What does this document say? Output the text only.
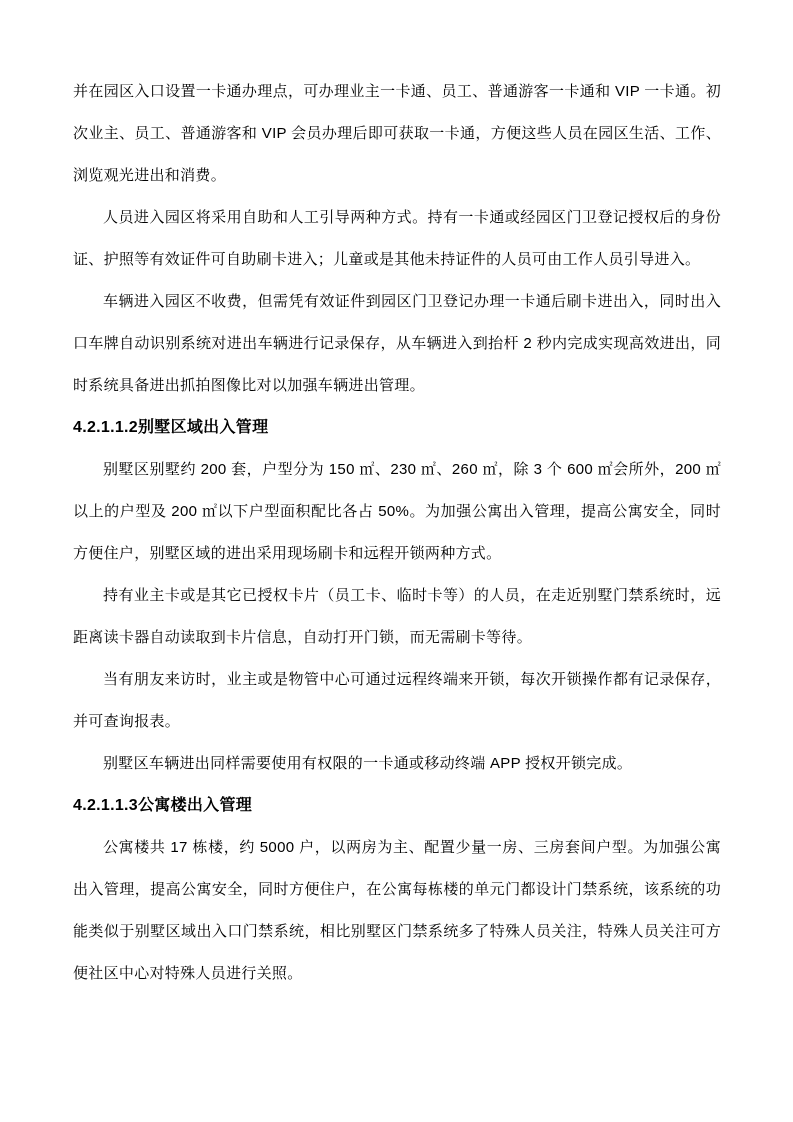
并在园区入口设置一卡通办理点，可办理业主一卡通、员工、普通游客一卡通和 VIP 一卡通。初次业主、员工、普通游客和 VIP 会员办理后即可获取一卡通，方便这些人员在园区生活、工作、浏览观光进出和消费。

人员进入园区将采用自助和人工引导两种方式。持有一卡通或经园区门卫登记授权后的身份证、护照等有效证件可自助刷卡进入；儿童或是其他未持证件的人员可由工作人员引导进入。

车辆进入园区不收费，但需凭有效证件到园区门卫登记办理一卡通后刷卡进出入，同时出入口车牌自动识别系统对进出车辆进行记录保存，从车辆进入到抬杆 2 秒内完成实现高效进出，同时系统具备进出抓拍图像比对以加强车辆进出管理。

4.2.1.1.2别墅区域出入管理

别墅区别墅约 200 套，户型分为 150 ㎡、230 ㎡、260 ㎡，除 3 个 600 ㎡会所外，200 ㎡以上的户型及 200 ㎡以下户型面积配比各占 50%。为加强公寓出入管理，提高公寓安全，同时方便住户，别墅区域的进出采用现场刷卡和远程开锁两种方式。

持有业主卡或是其它已授权卡片（员工卡、临时卡等）的人员，在走近别墅门禁系统时，远距离读卡器自动读取到卡片信息，自动打开门锁，而无需刷卡等待。

当有朋友来访时，业主或是物管中心可通过远程终端来开锁，每次开锁操作都有记录保存，并可查询报表。

别墅区车辆进出同样需要使用有权限的一卡通或移动终端 APP 授权开锁完成。

4.2.1.1.3公寓楼出入管理

公寓楼共 17 栋楼，约 5000 户，以两房为主、配置少量一房、三房套间户型。为加强公寓出入管理，提高公寓安全，同时方便住户，在公寓每栋楼的单元门都设计门禁系统，该系统的功能类似于别墅区域出入口门禁系统，相比别墅区门禁系统多了特殊人员关注，特殊人员关注可方便社区中心对特殊人员进行关照。
